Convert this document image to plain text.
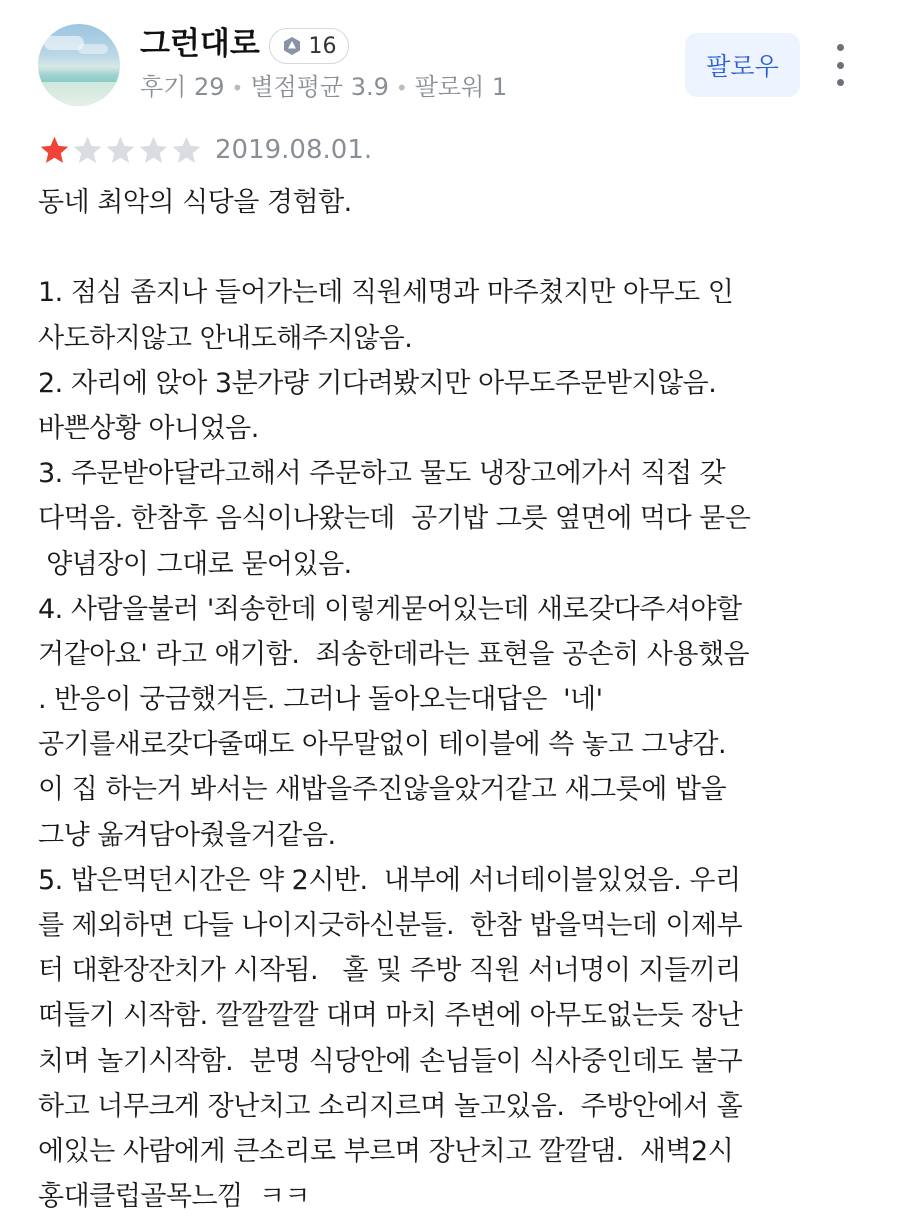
그런대로 16
후기 29 • 별점평균 3.9 • 팔로워 1
팔로우
2019.08.01.
동네 최악의 식당을 경험함.
1. 점심 좀지나 들어가는데 직원세명과 마주쳤지만 아무도 인
사도하지않고 안내도해주지않음.
2. 자리에 앉아 3분가량 기다려봤지만 아무도주문받지않음.
바쁜상황 아니었음.
3. 주문받아달라고해서 주문하고 물도 냉장고에가서 직접 갖
다먹음. 한참후 음식이나왔는데  공기밥 그릇 옆면에 먹다 묻은
양념장이 그대로 묻어있음.
4. 사람을불러 '죄송한데 이렇게묻어있는데 새로갖다주셔야할
거같아요' 라고 얘기함.  죄송한데라는 표현을 공손히 사용했음
. 반응이 궁금했거든. 그러나 돌아오는대답은  '네'
공기를새로갖다줄때도 아무말없이 테이블에 쓱 놓고 그냥감.
이 집 하는거 봐서는 새밥을주진않을았거같고 새그릇에 밥을
그냥 옮겨담아줬을거같음.
5. 밥은먹던시간은 약 2시반.  내부에 서너테이블있었음. 우리
를 제외하면 다들 나이지긋하신분들.  한참 밥을먹는데 이제부
터 대환장잔치가 시작됨.   홀 및 주방 직원 서너명이 지들끼리
떠들기 시작함. 깔깔깔깔 대며 마치 주변에 아무도없는듯 장난
치며 놀기시작함.  분명 식당안에 손님들이 식사중인데도 불구
하고 너무크게 장난치고 소리지르며 놀고있음.  주방안에서 홀
에있는 사람에게 큰소리로 부르며 장난치고 깔깔댐.  새벽2시
홍대클럽골목느낌  ㅋㅋ
